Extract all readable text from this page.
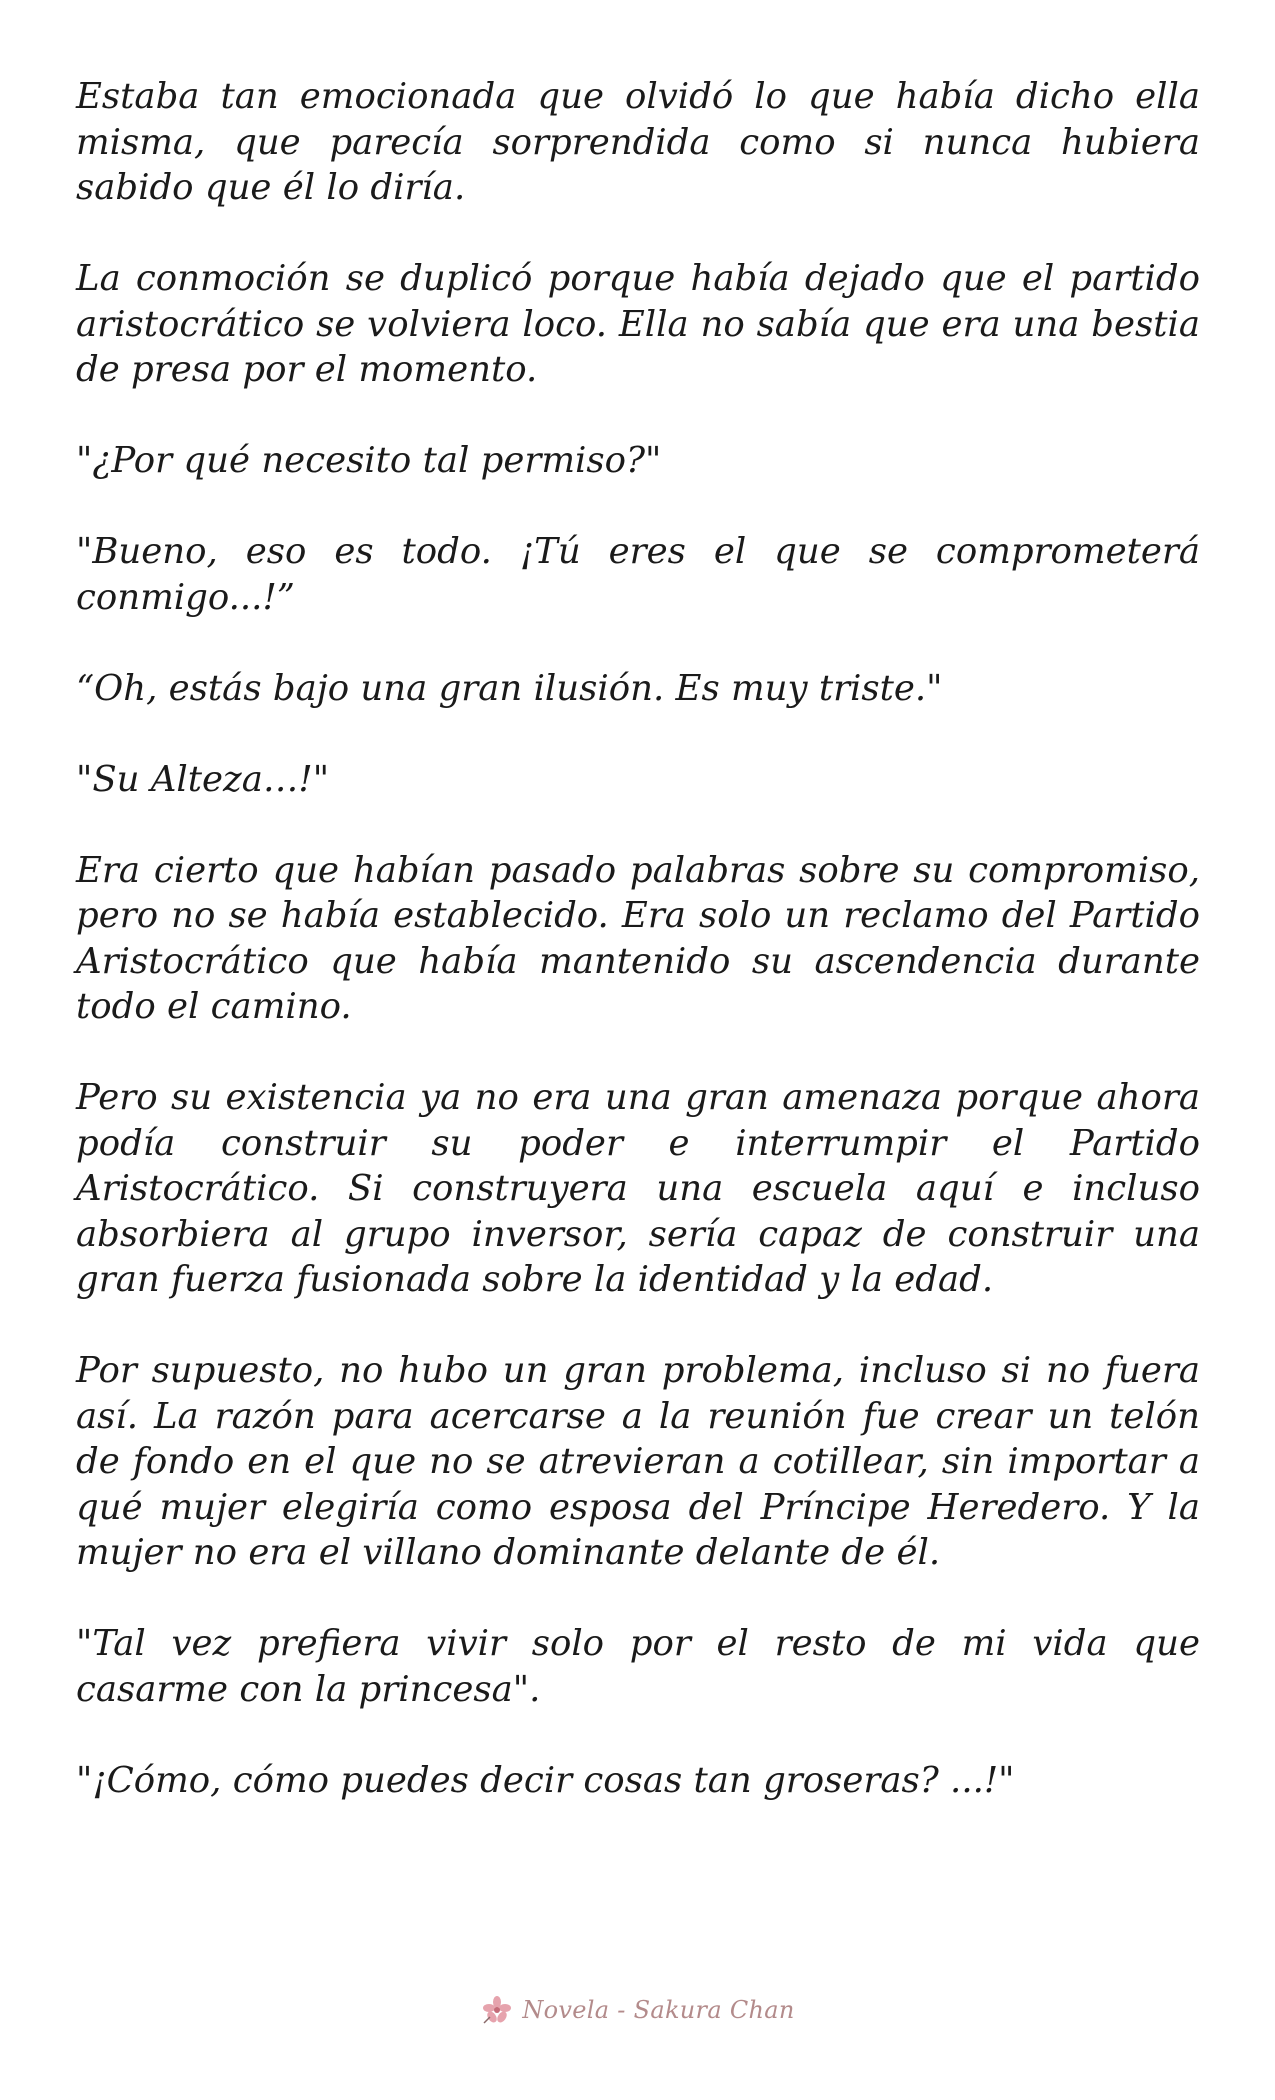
Estaba tan emocionada que olvidó lo que había dicho ella misma, que parecía sorprendida como si nunca hubiera sabido que él lo diría.

La conmoción se duplicó porque había dejado que el partido aristocrático se volviera loco. Ella no sabía que era una bestia de presa por el momento.

"¿Por qué necesito tal permiso?"

"Bueno, eso es todo. ¡Tú eres el que se comprometerá conmigo...!”

“Oh, estás bajo una gran ilusión. Es muy triste."

"Su Alteza…!"

Era cierto que habían pasado palabras sobre su compromiso, pero no se había establecido. Era solo un reclamo del Partido Aristocrático que había mantenido su ascendencia durante todo el camino.

Pero su existencia ya no era una gran amenaza porque ahora podía construir su poder e interrumpir el Partido Aristocrático. Si construyera una escuela aquí e incluso absorbiera al grupo inversor, sería capaz de construir una gran fuerza fusionada sobre la identidad y la edad.

Por supuesto, no hubo un gran problema, incluso si no fuera así. La razón para acercarse a la reunión fue crear un telón de fondo en el que no se atrevieran a cotillear, sin importar a qué mujer elegiría como esposa del Príncipe Heredero. Y la mujer no era el villano dominante delante de él.

"Tal vez prefiera vivir solo por el resto de mi vida que casarme con la princesa".

"¡Cómo, cómo puedes decir cosas tan groseras? ...!"

Novela - Sakura Chan
